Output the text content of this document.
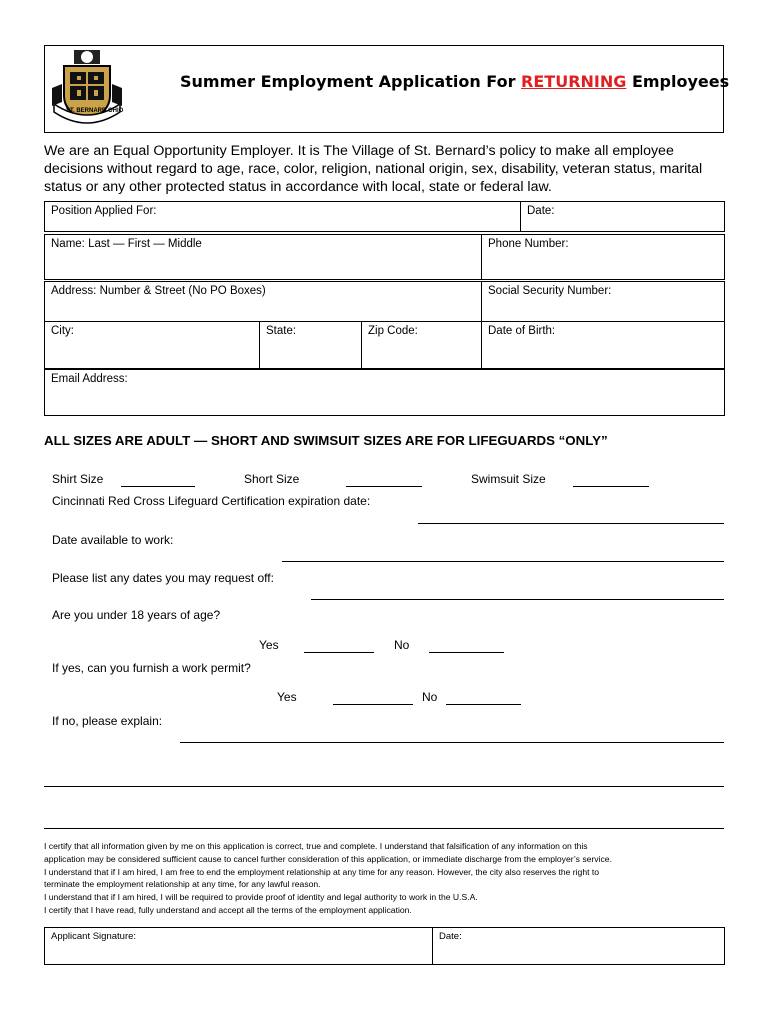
ST. BERNARD OHIO
Summer Employment Application For RETURNING Employees
We are an Equal Opportunity Employer. It is The Village of St. Bernard’s policy to make all employee decisions without regard to age, race, color, religion, national origin, sex, disability, veteran status, marital status or any other protected status in accordance with local, state or federal law.
Position Applied For:	Date:
Name: Last — First — Middle	Phone Number:
Address: Number & Street (No PO Boxes)	Social Security Number:
City:	State:	Zip Code:	Date of Birth:
Email Address:
ALL SIZES ARE ADULT — SHORT AND SWIMSUIT SIZES ARE FOR LIFEGUARDS “ONLY”
Shirt Size	Short Size	Swimsuit Size
Cincinnati Red Cross Lifeguard Certification expiration date:
Date available to work:
Please list any dates you may request off:
Are you under 18 years of age?
Yes	No
If yes, can you furnish a work permit?
Yes	No
If no, please explain:
I certify that all information given by me on this application is correct, true and complete. I understand that falsification of any information on this
application may be considered sufficient cause to cancel further consideration of this application, or immediate discharge from the employer’s service.
I understand that if I am hired, I am free to end the employment relationship at any time for any reason. However, the city also reserves the right to
terminate the employment relationship at any time, for any lawful reason.
I understand that if I am hired, I will be required to provide proof of identity and legal authority to work in the U.S.A.
I certify that I have read, fully understand and accept all the terms of the employment application.
Applicant Signature:	Date:
